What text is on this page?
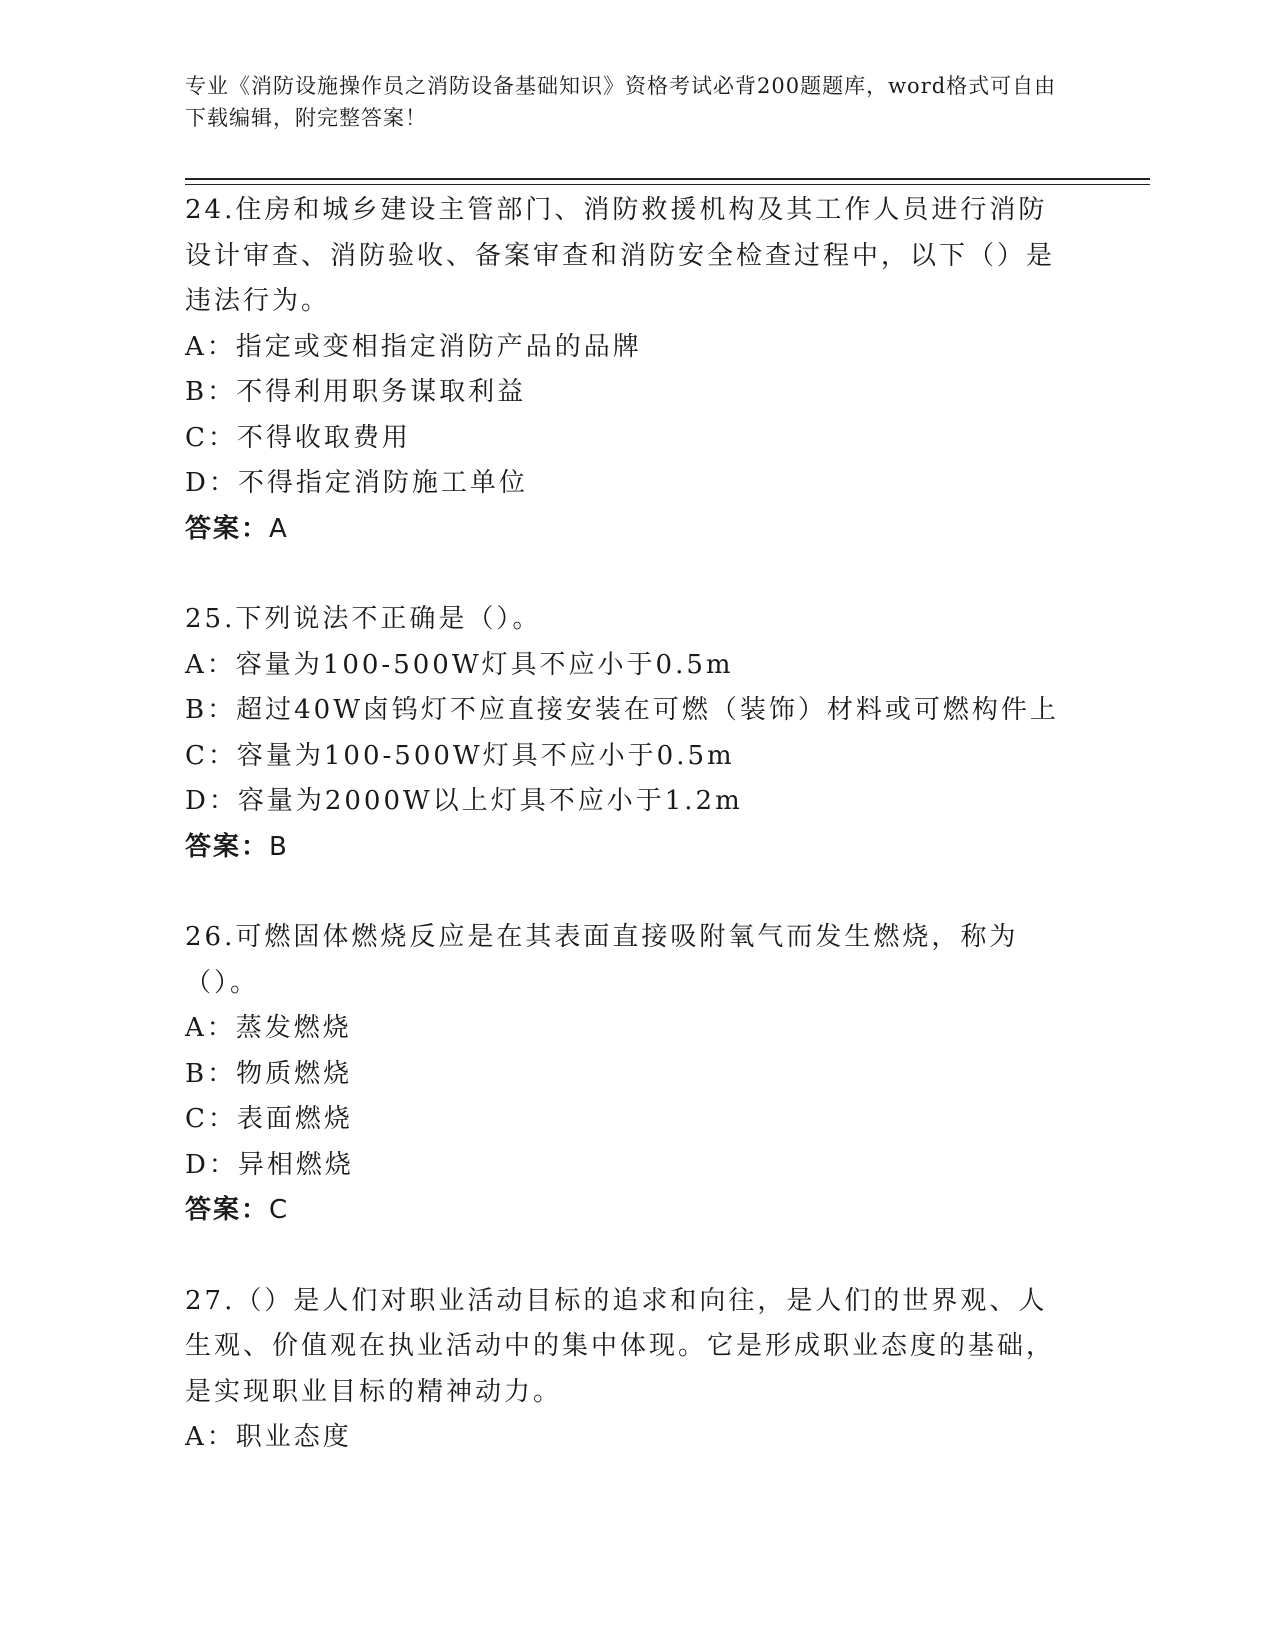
专业《消防设施操作员之消防设备基础知识》资格考试必背200题题库，word格式可自由下载编辑，附完整答案！

24.住房和城乡建设主管部门、消防救援机构及其工作人员进行消防设计审查、消防验收、备案审查和消防安全检查过程中，以下（）是违法行为。

A：指定或变相指定消防产品的品牌
B：不得利用职务谋取利益
C：不得收取费用
D：不得指定消防施工单位

答案：A

25.下列说法不正确是（）。

A：容量为100-500W灯具不应小于0.5m
B：超过40W卤钨灯不应直接安装在可燃（装饰）材料或可燃构件上
C：容量为100-500W灯具不应小于0.5m
D：容量为2000W以上灯具不应小于1.2m

答案：B

26.可燃固体燃烧反应是在其表面直接吸附氧气而发生燃烧，称为（）。

A：蒸发燃烧
B：物质燃烧
C：表面燃烧
D：异相燃烧

答案：C

27.（）是人们对职业活动目标的追求和向往，是人们的世界观、人生观、价值观在执业活动中的集中体现。它是形成职业态度的基础，是实现职业目标的精神动力。

A：职业态度
